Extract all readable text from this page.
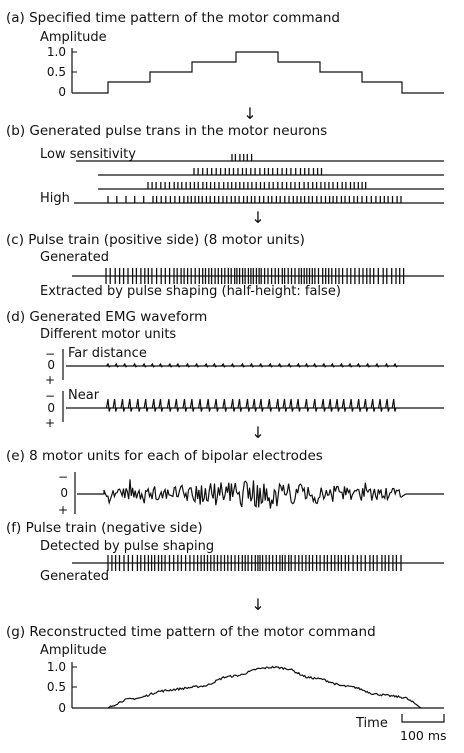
(a) Specified time pattern of the motor command
Amplitude
1.0
0.5
0
↓
(b) Generated pulse trans in the motor neurons
Low sensitivity
High
↓
(c) Pulse train (positive side) (8 motor units)
Generated
Extracted by pulse shaping (half-height: false)
(d) Generated EMG waveform
Different motor units
−
0
+
Far distance
−
0
+
Near
↓
(e) 8 motor units for each of bipolar electrodes
−
0
+
(f) Pulse train (negative side)
Detected by pulse shaping
Generated
↓
(g) Reconstructed time pattern of the motor command
Amplitude
1.0
0.5
0
Time
100 ms
